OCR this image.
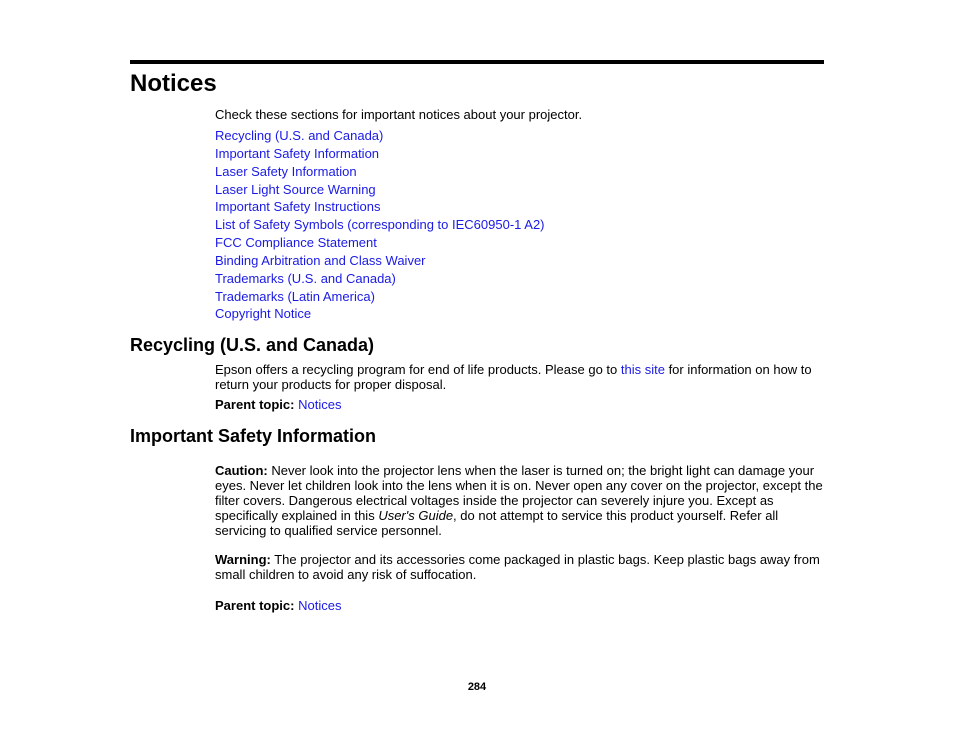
Notices

Check these sections for important notices about your projector.

Recycling (U.S. and Canada)
Important Safety Information
Laser Safety Information
Laser Light Source Warning
Important Safety Instructions
List of Safety Symbols (corresponding to IEC60950-1 A2)
FCC Compliance Statement
Binding Arbitration and Class Waiver
Trademarks (U.S. and Canada)
Trademarks (Latin America)
Copyright Notice
Recycling (U.S. and Canada)

Epson offers a recycling program for end of life products. Please go to this site for information on how to return your products for proper disposal.

Parent topic: Notices

Important Safety Information

Caution: Never look into the projector lens when the laser is turned on; the bright light can damage your eyes. Never let children look into the lens when it is on. Never open any cover on the projector, except the filter covers. Dangerous electrical voltages inside the projector can severely injure you. Except as specifically explained in this User's Guide, do not attempt to service this product yourself. Refer all servicing to qualified service personnel.

Warning: The projector and its accessories come packaged in plastic bags. Keep plastic bags away from small children to avoid any risk of suffocation.

Parent topic: Notices

284
